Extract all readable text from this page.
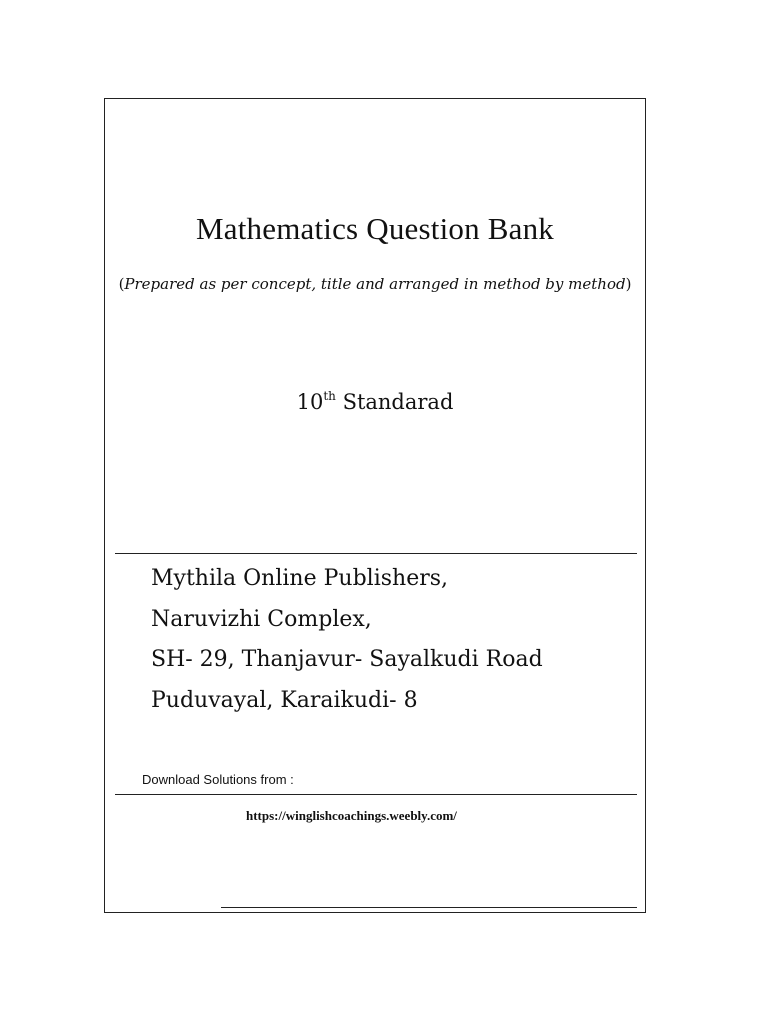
Mathematics Question Bank
(Prepared as per concept, title and arranged in method by method)
10th Standarad
Mythila Online Publishers,
Naruvizhi Complex,
SH- 29, Thanjavur- Sayalkudi Road
Puduvayal, Karaikudi- 8
Download Solutions from :
https://winglishcoachings.weebly.com/
